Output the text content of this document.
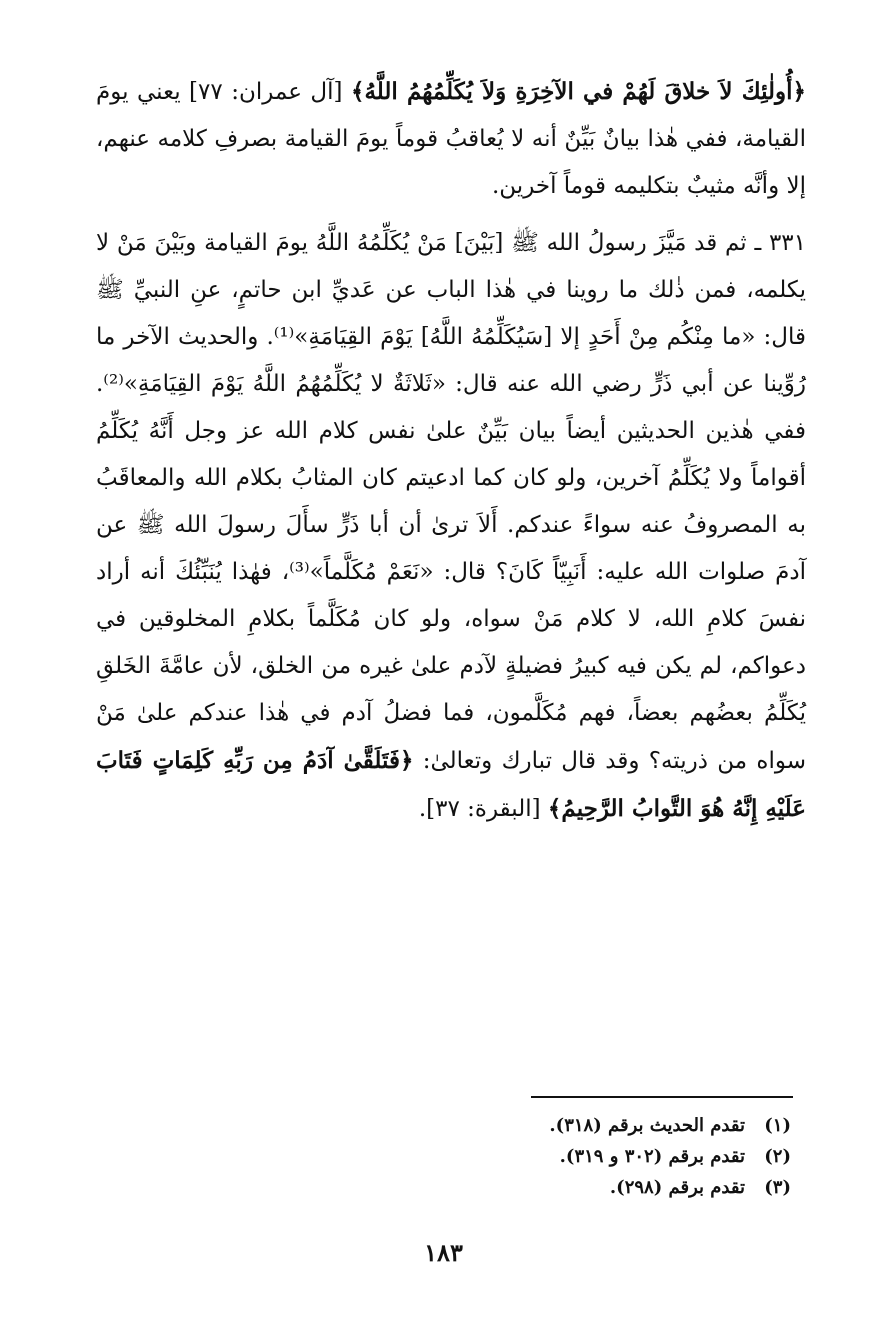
﴿أُولٰئِكَ لاَ خلاقَ لَهُمْ في الآخِرَةِ وَلاَ يُكَلِّمُهُمُ اللَّهُ﴾ [آل عمران: ٧٧] يعني يومَ القيامة، ففي هٰذا بيانٌ بَيِّنٌ أنه لا يُعاقبُ قوماً يومَ القيامة بصرفِ كلامه عنهم، إلا وأنَّه مثيبٌ بتكليمه قوماً آخرين.

٣٣١ ـ ثم قد مَيَّزَ رسولُ الله ﷺ [بَيْنَ] مَنْ يُكَلِّمُهُ اللَّهُ يومَ القيامة وبَيْنَ مَنْ لا يكلمه، فمن ذٰلك ما روينا في هٰذا الباب عن عَديِّ ابن حاتمٍ، عنِ النبيِّ ﷺ قال: «ما مِنْكُم مِنْ أَحَدٍ إلا [سَيُكَلِّمُهُ اللَّهُ] يَوْمَ القِيَامَةِ»⁽¹⁾. والحديث الآخر ما رُوِّينا عن أبي ذَرٍّ رضي الله عنه قال: «ثَلاثَةٌ لا يُكَلِّمُهُمُ اللَّهُ يَوْمَ القِيَامَةِ»⁽²⁾. ففي هٰذين الحديثين أيضاً بيان بَيِّنٌ علىٰ نفس كلام الله عز وجل أَنَّهُ يُكَلِّمُ أقواماً ولا يُكَلِّمُ آخرين، ولو كان كما ادعيتم كان المثابُ بكلام الله والمعاقَبُ به المصروفُ عنه سواءً عندكم. أَلاَ ترىٰ أن أبا ذَرٍّ سأَلَ رسولَ الله ﷺ عن آدمَ صلوات الله عليه: أَنَبِيّاً كَانَ؟ قال: «نَعَمْ مُكَلَّماً»⁽³⁾، فهٰذا يُنَبِّئُكَ أنه أراد نفسَ كلامِ الله، لا كلام مَنْ سواه، ولو كان مُكَلَّماً بكلامِ المخلوقين في دعواكم، لم يكن فيه كبيرُ فضيلةٍ لآدم علىٰ غيره من الخلق، لأن عامَّةَ الخَلقِ يُكَلِّمُ بعضُهم بعضاً، فهم مُكَلَّمون، فما فضلُ آدم في هٰذا عندكم علىٰ مَنْ سواه من ذريته؟ وقد قال تبارك وتعالىٰ: ﴿فَتَلَقَّىٰ آدَمُ مِن رَبِّهِ كَلِمَاتٍ فَتَابَ عَلَيْهِ إِنَّهُ هُوَ التَّوابُ الرَّحِيمُ﴾ [البقرة: ٣٧].

(١)
تقدم الحديث برقم (٣١٨).
(٢)
تقدم برقم (٣٠٢ و ٣١٩).
(٣)
تقدم برقم (٢٩٨).
١٨٣
